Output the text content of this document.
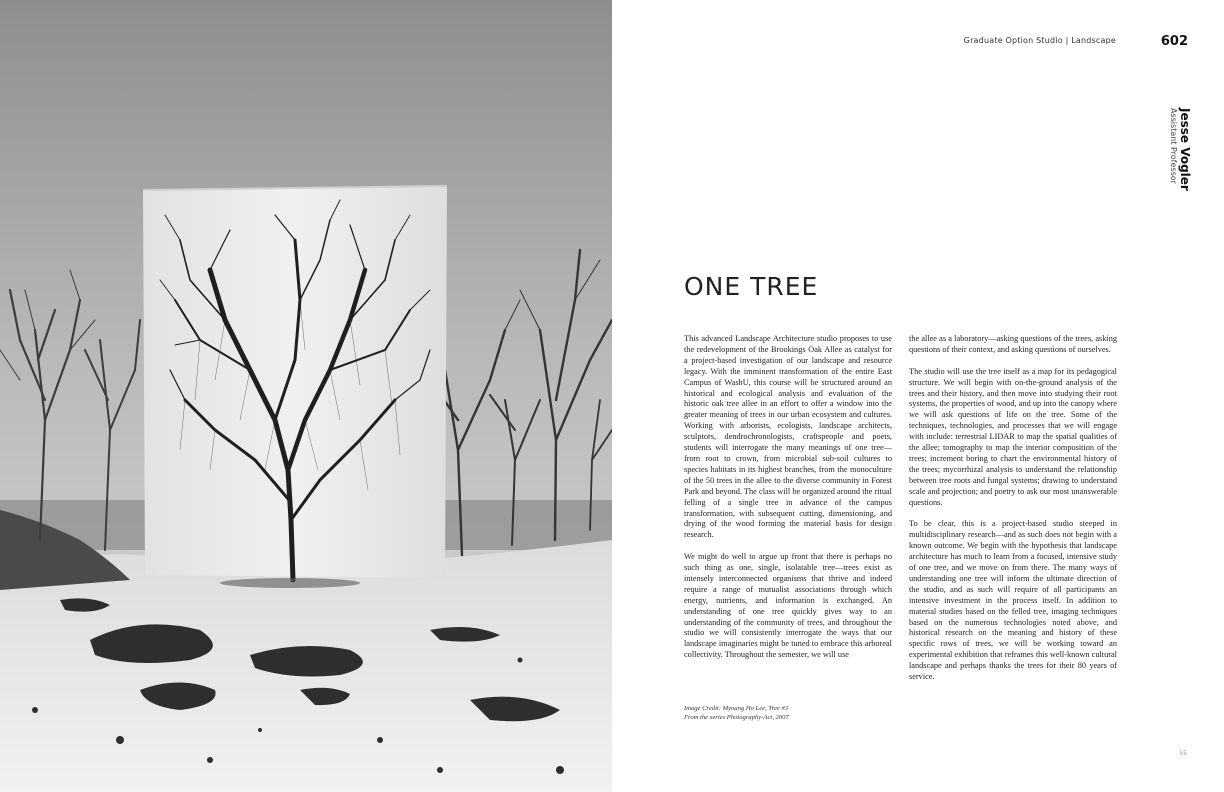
Graduate Option Studio | Landscape	602
Jesse Vogler
Assistant Professor
ONE TREE

This advanced Landscape Architecture studio proposes to use the redevelopment of the Brookings Oak Allee as catalyst for a project-based investigation of our landscape and resource legacy. With the imminent transformation of the entire East Campus of WashU, this course will be structured around an historical and ecological analysis and evaluation of the historic oak tree allee in an effort to offer a window into the greater meaning of trees in our urban ecosystem and cultures. Working with arborists, ecologists, landscape architects, sculptors, dendrochronologists, craftspeople and poets, students will interrogate the many meanings of one tree—from root to crown, from microbial sub-soil cultures to species habitats in its highest branches, from the monoculture of the 50 trees in the allee to the diverse community in Forest Park and beyond. The class will be organized around the ritual felling of a single tree in advance of the campus transformation, with subsequent cutting, dimensioning, and drying of the wood forming the material basis for design research.

We might do well to argue up front that there is perhaps no such thing as one, single, isolatable tree—trees exist as intensely interconnected organisms that thrive and indeed require a range of mutualist associations through which energy, nutrients, and information is exchanged. An understanding of one tree quickly gives way to an understanding of the community of trees, and throughout the studio we will consistently interrogate the ways that our landscape imaginaries might be tuned to embrace this arboreal collectivity. Throughout the semester, we will use

the allee as a laboratory—asking questions of the trees, asking questions of their context, and asking questions of ourselves.

The studio will use the tree itself as a map for its pedagogical structure. We will begin with on-the-ground analysis of the trees and their history, and then move into studying their root systems, the properties of wood, and up into the canopy where we will ask questions of life on the tree. Some of the techniques, technologies, and processes that we will engage with include: terrestrial LIDAR to map the spatial qualities of the allee; tomography to map the interior composition of the trees; increment boring to chart the environmental history of the trees; mycorrhizal analysis to understand the relationship between tree roots and fungal systems; drawing to understand scale and projection; and poetry to ask our most unanswerable questions.

To be clear, this is a project-based studio steeped in multidisciplinary research—and as such does not begin with a known outcome. We begin with the hypothesis that landscape architecture has much to learn from a focused, intensive study of one tree, and we move on from there. The many ways of understanding one tree will inform the ultimate direction of the studio, and as such will require of all participants an intensive investment in the process itself. In addition to material studies based on the felled tree, imaging techniques based on the numerous technologies noted above, and historical research on the meaning and history of these specific rows of trees, we will be working toward an experimental exhibition that reframes this well-known cultural landscape and perhaps thanks the trees for their 80 years of service.

Image Credit: Myoung Ho Lee, Tree #3
From the series Photography-Act, 2007
55
